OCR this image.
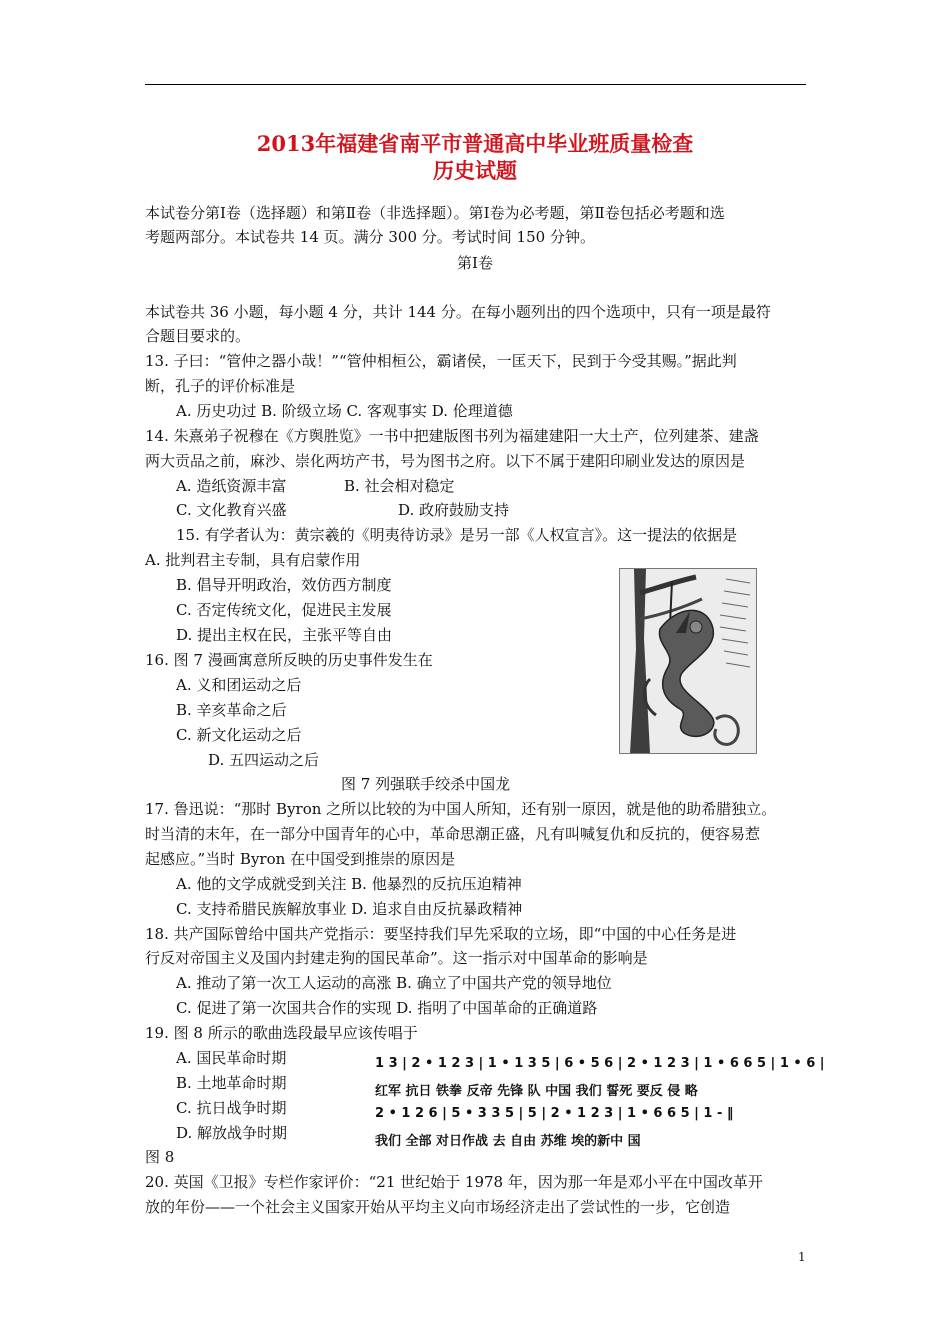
2013年福建省南平市普通高中毕业班质量检查
历史试题
本试卷分第Ⅰ卷（选择题）和第Ⅱ卷（非选择题）。第Ⅰ卷为必考题，第Ⅱ卷包括必考题和选
考题两部分。本试卷共 14 页。满分 300 分。考试时间 150 分钟。
第Ⅰ卷
本试卷共 36 小题，每小题 4 分，共计 144 分。在每小题列出的四个选项中，只有一项是最符
合题目要求的。
13. 子曰：“管仲之器小哉！”“管仲相桓公，霸诸侯，一匡天下，民到于今受其赐。”据此判
断，孔子的评价标准是
A. 历史功过 B. 阶级立场 C. 客观事实 D. 伦理道德
14. 朱熹弟子祝穆在《方舆胜览》一书中把建版图书列为福建建阳一大土产，位列建茶、建盏
两大贡品之前，麻沙、崇化两坊产书，号为图书之府。以下不属于建阳印刷业发达的原因是
A. 造纸资源丰富	B. 社会相对稳定
C. 文化教育兴盛	D. 政府鼓励支持
15. 有学者认为：黄宗羲的《明夷待访录》是另一部《人权宣言》。这一提法的依据是
A. 批判君主专制，具有启蒙作用
B. 倡导开明政治，效仿西方制度
C. 否定传统文化，促进民主发展
D. 提出主权在民，主张平等自由
16. 图 7 漫画寓意所反映的历史事件发生在
A. 义和团运动之后
B. 辛亥革命之后
C. 新文化运动之后
D. 五四运动之后
图 7 列强联手绞杀中国龙
17. 鲁迅说：“那时 Byron 之所以比较的为中国人所知，还有别一原因，就是他的助希腊独立。
时当清的末年，在一部分中国青年的心中，革命思潮正盛，凡有叫喊复仇和反抗的，便容易惹
起感应。”当时 Byron 在中国受到推崇的原因是
A. 他的文学成就受到关注 B. 他暴烈的反抗压迫精神
C. 支持希腊民族解放事业 D. 追求自由反抗暴政精神
18. 共产国际曾给中国共产党指示：要坚持我们早先采取的立场，即“中国的中心任务是进
行反对帝国主义及国内封建走狗的国民革命”。这一指示对中国革命的影响是
A. 推动了第一次工人运动的高涨 B. 确立了中国共产党的领导地位
C. 促进了第一次国共合作的实现 D. 指明了中国革命的正确道路
19. 图 8 所示的歌曲选段最早应该传唱于
A. 国民革命时期
B. 土地革命时期
C. 抗日战争时期
D. 解放战争时期
1 3 | 2 • 1 2 3 | 1 • 1 3 5 | 6 • 5 6 | 2 • 1 2 3 | 1 • 6 6 5 | 1 • 6 |
红军 抗日 铁拳 反帝 先锋 队 中国 我们 誓死 要反 侵 略
2 • 1 2 6 | 5 • 3 3 5 | 5 | 2 • 1 2 3 | 1 • 6 6 5 | 1 - ‖
我们 全部 对日作战 去 自由 苏维 埃的新中 国
图 8
20. 英国《卫报》专栏作家评价：“21 世纪始于 1978 年，因为那一年是邓小平在中国改革开
放的年份——一个社会主义国家开始从平均主义向市场经济走出了尝试性的一步，它创造
1
